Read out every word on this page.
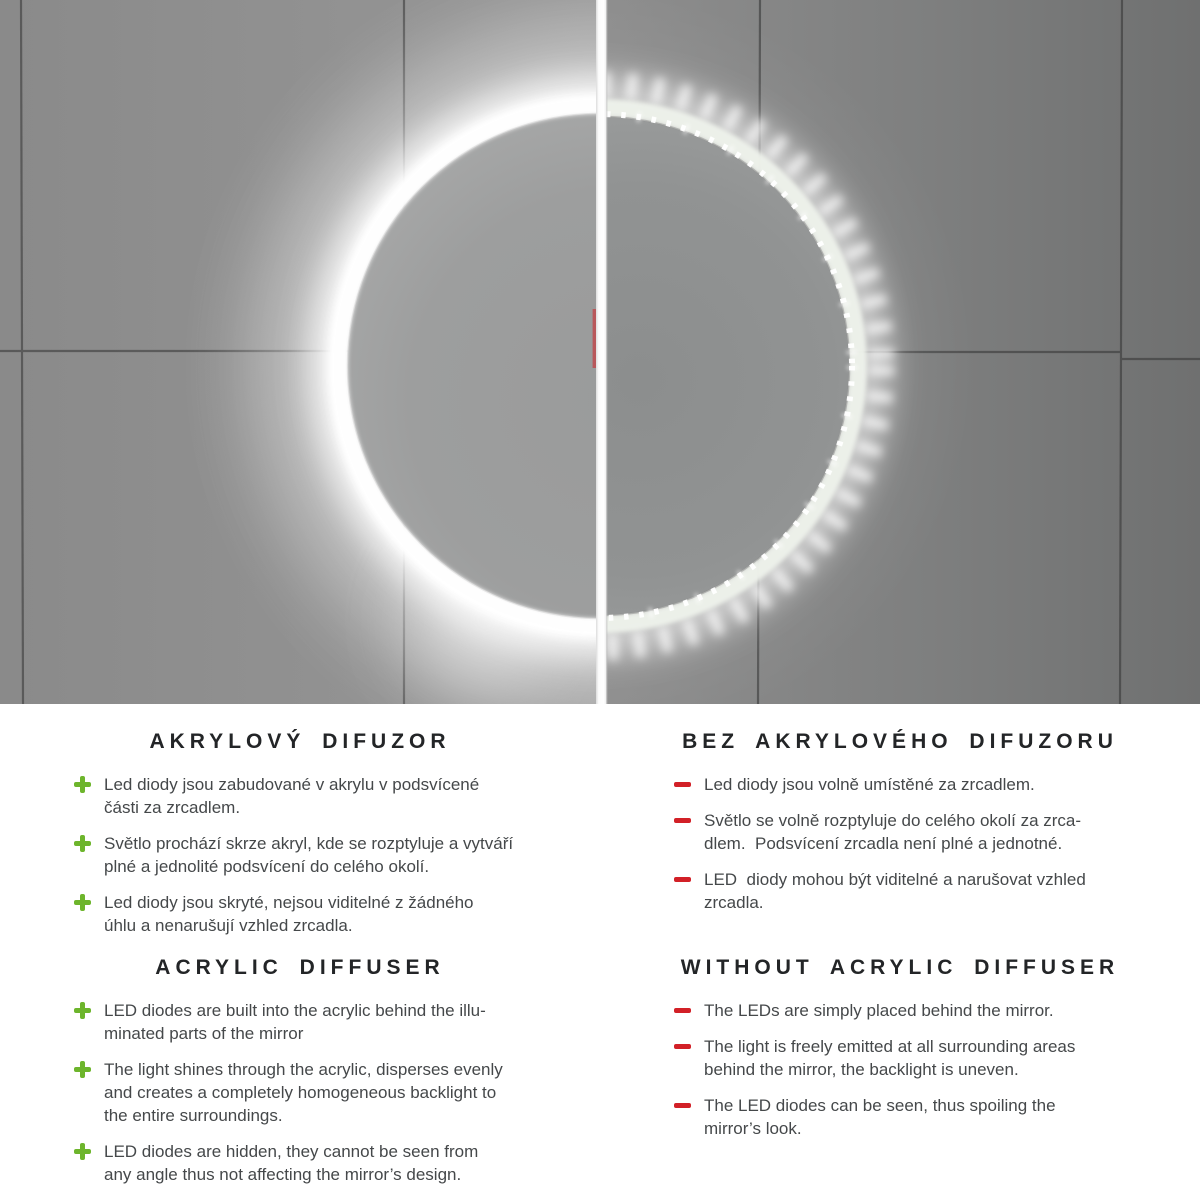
AKRYLOVÝ DIFUZOR
Led diody jsou zabudované v akrylu v podsvícené
části za zrcadlem.
Světlo prochází skrze akryl, kde se rozptyluje a vytváří
plné a jednolité podsvícení do celého okolí.
Led diody jsou skryté, nejsou viditelné z žádného
úhlu a nenarušují vzhled zrcadla.
BEZ AKRYLOVÉHO DIFUZORU
Led diody jsou volně umístěné za zrcadlem.
Světlo se volně rozptyluje do celého okolí za zrca-
dlem.  Podsvícení zrcadla není plné a jednotné.
LED  diody mohou být viditelné a narušovat vzhled
zrcadla.
ACRYLIC DIFFUSER
LED diodes are built into the acrylic behind the illu-
minated parts of the mirror
The light shines through the acrylic, disperses evenly
and creates a completely homogeneous backlight to
the entire surroundings.
LED diodes are hidden, they cannot be seen from
any angle thus not affecting the mirror’s design.
WITHOUT ACRYLIC DIFFUSER
The LEDs are simply placed behind the mirror.
The light is freely emitted at all surrounding areas
behind the mirror, the backlight is uneven.
The LED diodes can be seen, thus spoiling the
mirror’s look.
